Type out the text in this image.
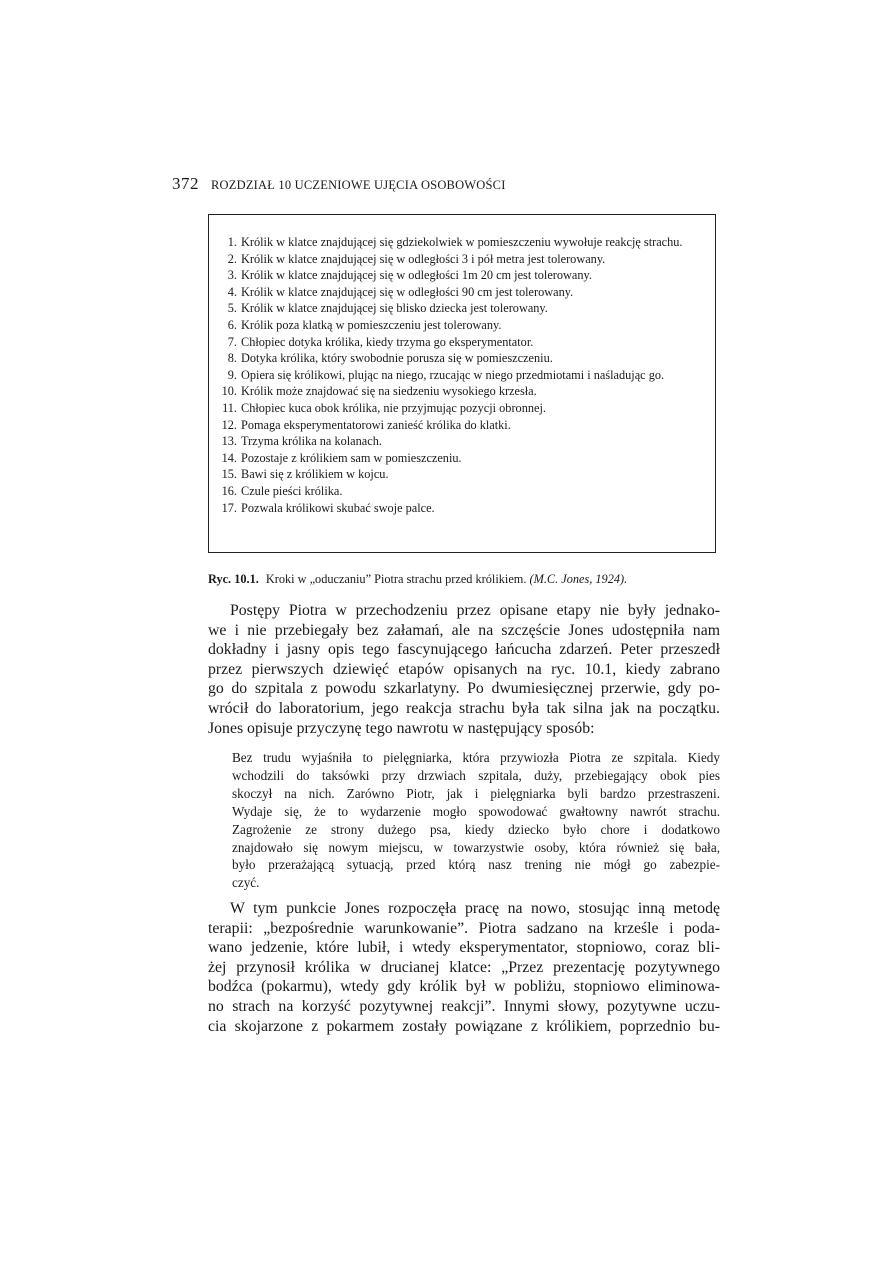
372 ROZDZIAŁ 10 UCZENIOWE UJĘCIA OSOBOWOŚCI
1. Królik w klatce znajdującej się gdziekolwiek w pomieszczeniu wywołuje reakcję strachu.
2. Królik w klatce znajdującej się w odległości 3 i pół metra jest tolerowany.
3. Królik w klatce znajdującej się w odległości 1m 20 cm jest tolerowany.
4. Królik w klatce znajdującej się w odległości 90 cm jest tolerowany.
5. Królik w klatce znajdującej się blisko dziecka jest tolerowany.
6. Królik poza klatką w pomieszczeniu jest tolerowany.
7. Chłopiec dotyka królika, kiedy trzyma go eksperymentator.
8. Dotyka królika, który swobodnie porusza się w pomieszczeniu.
9. Opiera się królikowi, plując na niego, rzucając w niego przedmiotami i naśladując go.
10. Królik może znajdować się na siedzeniu wysokiego krzesła.
11. Chłopiec kuca obok królika, nie przyjmując pozycji obronnej.
12. Pomaga eksperymentatorowi zanieść królika do klatki.
13. Trzyma królika na kolanach.
14. Pozostaje z królikiem sam w pomieszczeniu.
15. Bawi się z królikiem w kojcu.
16. Czule pieści królika.
17. Pozwala królikowi skubać swoje palce.
Ryc. 10.1. Kroki w „oduczaniu” Piotra strachu przed królikiem. (M.C. Jones, 1924).
Postępy Piotra w przechodzeniu przez opisane etapy nie były jednako-
we i nie przebiegały bez załamań, ale na szczęście Jones udostępniła nam
dokładny i jasny opis tego fascynującego łańcucha zdarzeń. Peter przeszedł
przez pierwszych dziewięć etapów opisanych na ryc. 10.1, kiedy zabrano
go do szpitala z powodu szkarlatyny. Po dwumiesięcznej przerwie, gdy po-
wrócił do laboratorium, jego reakcja strachu była tak silna jak na początku.
Jones opisuje przyczynę tego nawrotu w następujący sposób:
Bez trudu wyjaśniła to pielęgniarka, która przywiozła Piotra ze szpitala. Kiedy
wchodzili do taksówki przy drzwiach szpitala, duży, przebiegający obok pies
skoczył na nich. Zarówno Piotr, jak i pielęgniarka byli bardzo przestraszeni.
Wydaje się, że to wydarzenie mogło spowodować gwałtowny nawrót strachu.
Zagrożenie ze strony dużego psa, kiedy dziecko było chore i dodatkowo
znajdowało się nowym miejscu, w towarzystwie osoby, która również się bała,
było przerażającą sytuacją, przed którą nasz trening nie mógł go zabezpie-
czyć.
W tym punkcie Jones rozpoczęła pracę na nowo, stosując inną metodę
terapii: „bezpośrednie warunkowanie”. Piotra sadzano na krześle i poda-
wano jedzenie, które lubił, i wtedy eksperymentator, stopniowo, coraz bli-
żej przynosił królika w drucianej klatce: „Przez prezentację pozytywnego
bodźca (pokarmu), wtedy gdy królik był w pobliżu, stopniowo eliminowa-
no strach na korzyść pozytywnej reakcji”. Innymi słowy, pozytywne uczu-
cia skojarzone z pokarmem zostały powiązane z królikiem, poprzednio bu-
